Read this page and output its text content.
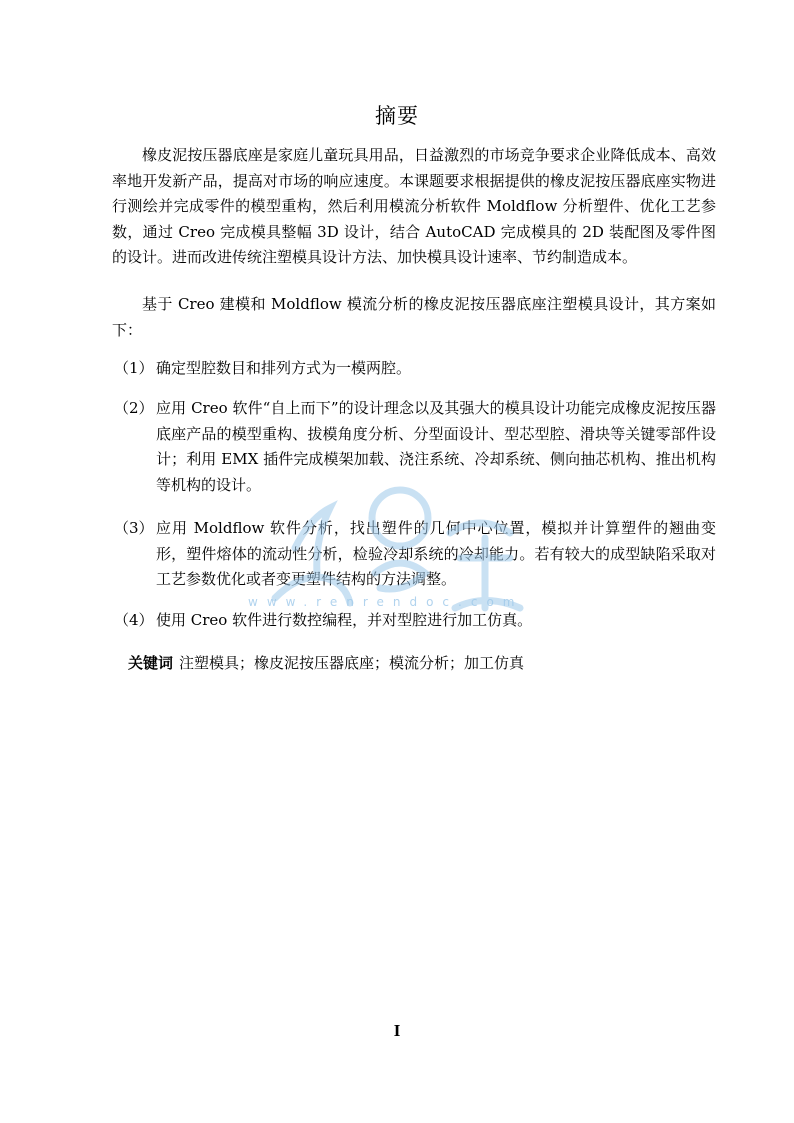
摘要
橡皮泥按压器底座是家庭儿童玩具用品，日益激烈的市场竞争要求企业降低成本、高效率地开发新产品，提高对市场的响应速度。本课题要求根据提供的橡皮泥按压器底座实物进行测绘并完成零件的模型重构，然后利用模流分析软件 Moldflow 分析塑件、优化工艺参数，通过 Creo 完成模具整幅 3D 设计，结合 AutoCAD 完成模具的 2D 装配图及零件图的设计。进而改进传统注塑模具设计方法、加快模具设计速率、节约制造成本。
基于 Creo 建模和 Moldflow 模流分析的橡皮泥按压器底座注塑模具设计，其方案如下：
（1） 确定型腔数目和排列方式为一模两腔。
（2） 应用 Creo 软件“自上而下”的设计理念以及其强大的模具设计功能完成橡皮泥按压器底座产品的模型重构、拔模角度分析、分型面设计、型芯型腔、滑块等关键零部件设计；利用 EMX 插件完成模架加载、浇注系统、冷却系统、侧向抽芯机构、推出机构等机构的设计。
（3） 应用 Moldflow 软件分析，找出塑件的几何中心位置，模拟并计算塑件的翘曲变形，塑件熔体的流动性分析，检验冷却系统的冷却能力。若有较大的成型缺陷采取对工艺参数优化或者变更塑件结构的方法调整。
（4） 使用 Creo 软件进行数控编程，并对型腔进行加工仿真。
关键词 注塑模具；橡皮泥按压器底座；模流分析；加工仿真
www.renrendoc.com
I
